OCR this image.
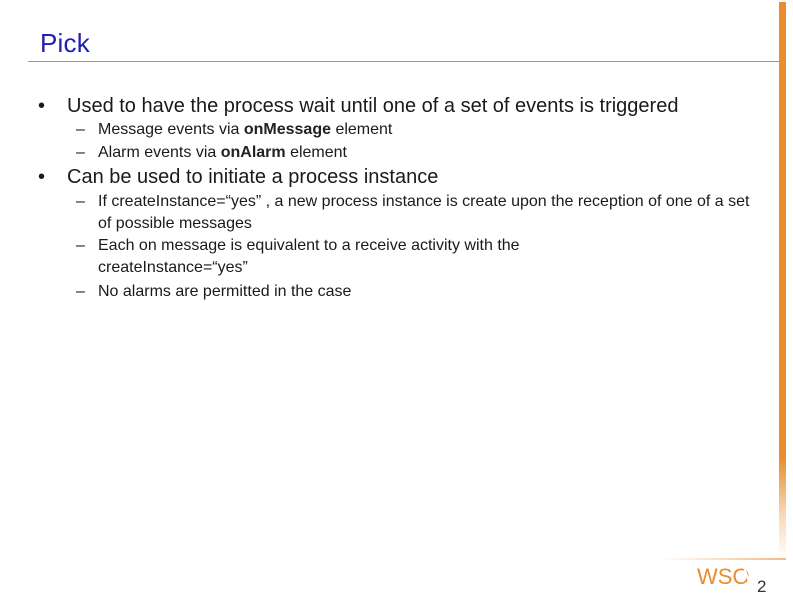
Pick
• Used to have the process wait until one of a set of events is triggered
– Message events via onMessage element
– Alarm events via onAlarm element
• Can be used to initiate a process instance
– If createInstance=“yes” , a new process instance is create upon the reception of one of a set of possible messages
– Each on message is equivalent to a receive activity with the createInstance=“yes”
– No alarms are permitted in the case
WSO 2
